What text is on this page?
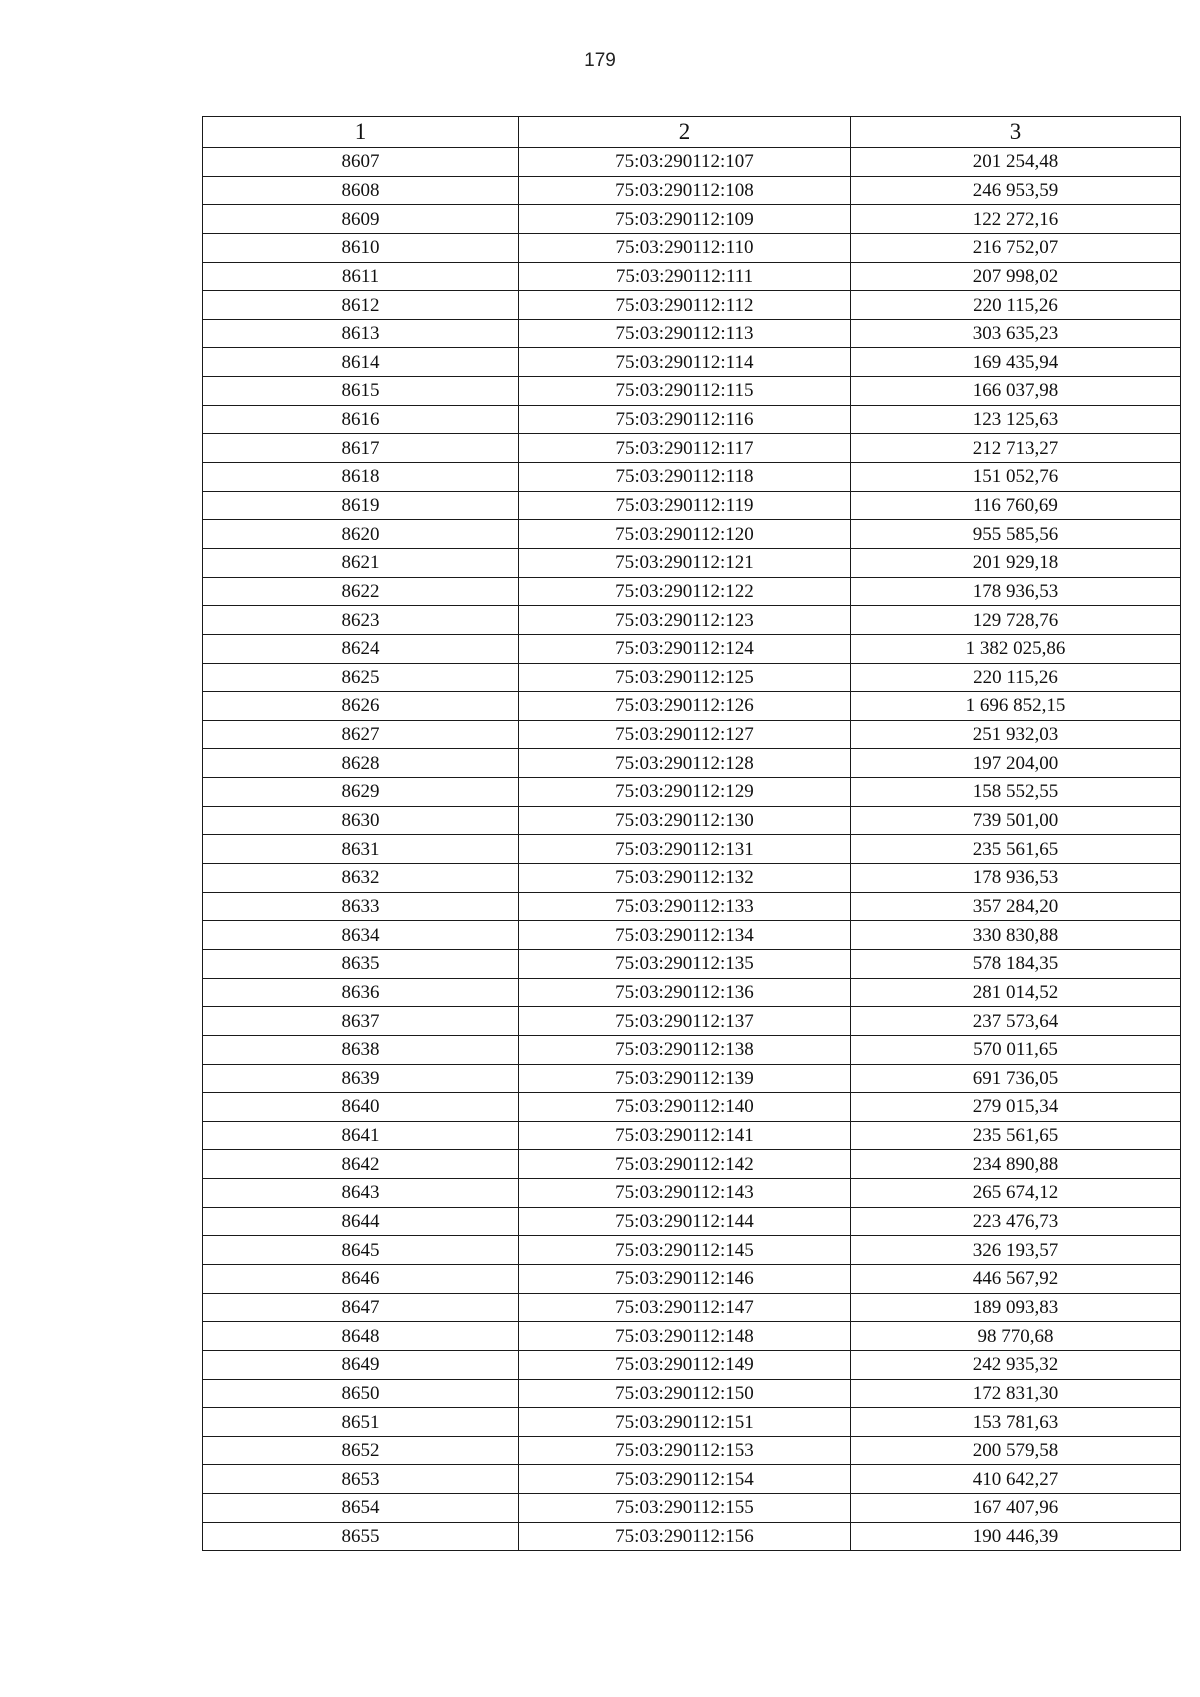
179
1	2	3
8607	75:03:290112:107	201 254,48
8608	75:03:290112:108	246 953,59
8609	75:03:290112:109	122 272,16
8610	75:03:290112:110	216 752,07
8611	75:03:290112:111	207 998,02
8612	75:03:290112:112	220 115,26
8613	75:03:290112:113	303 635,23
8614	75:03:290112:114	169 435,94
8615	75:03:290112:115	166 037,98
8616	75:03:290112:116	123 125,63
8617	75:03:290112:117	212 713,27
8618	75:03:290112:118	151 052,76
8619	75:03:290112:119	116 760,69
8620	75:03:290112:120	955 585,56
8621	75:03:290112:121	201 929,18
8622	75:03:290112:122	178 936,53
8623	75:03:290112:123	129 728,76
8624	75:03:290112:124	1 382 025,86
8625	75:03:290112:125	220 115,26
8626	75:03:290112:126	1 696 852,15
8627	75:03:290112:127	251 932,03
8628	75:03:290112:128	197 204,00
8629	75:03:290112:129	158 552,55
8630	75:03:290112:130	739 501,00
8631	75:03:290112:131	235 561,65
8632	75:03:290112:132	178 936,53
8633	75:03:290112:133	357 284,20
8634	75:03:290112:134	330 830,88
8635	75:03:290112:135	578 184,35
8636	75:03:290112:136	281 014,52
8637	75:03:290112:137	237 573,64
8638	75:03:290112:138	570 011,65
8639	75:03:290112:139	691 736,05
8640	75:03:290112:140	279 015,34
8641	75:03:290112:141	235 561,65
8642	75:03:290112:142	234 890,88
8643	75:03:290112:143	265 674,12
8644	75:03:290112:144	223 476,73
8645	75:03:290112:145	326 193,57
8646	75:03:290112:146	446 567,92
8647	75:03:290112:147	189 093,83
8648	75:03:290112:148	98 770,68
8649	75:03:290112:149	242 935,32
8650	75:03:290112:150	172 831,30
8651	75:03:290112:151	153 781,63
8652	75:03:290112:153	200 579,58
8653	75:03:290112:154	410 642,27
8654	75:03:290112:155	167 407,96
8655	75:03:290112:156	190 446,39
